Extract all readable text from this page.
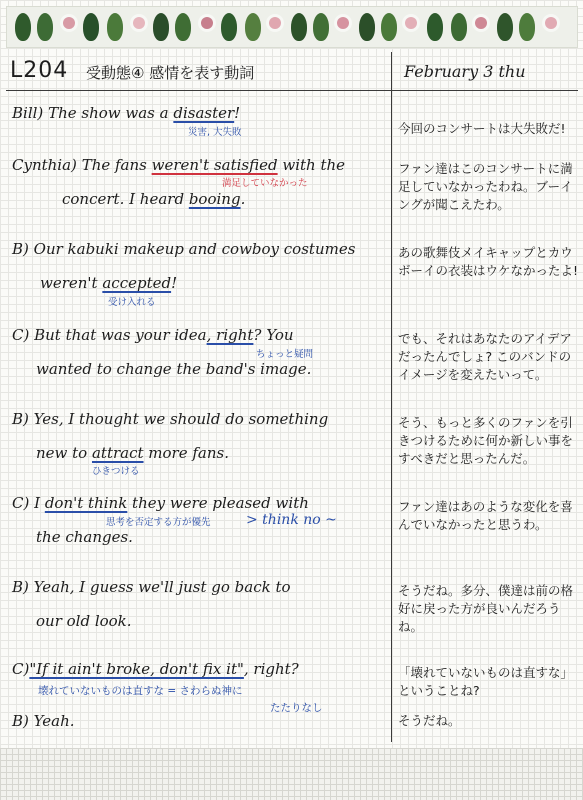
L204 受動態④ 感情を表す動詞	February 3 thu
Bill) The show was a disaster!
災害, 大失敗
Cynthia) The fans weren't satisfied with the
満足していなかった
concert. I heard booing.
B) Our kabuki makeup and cowboy costumes
weren't accepted!
受け入れる
C) But that was your idea, right? You
ちょっと疑問
wanted to change the band's image.
B) Yes, I thought we should do something
new to attract more fans.
ひきつける
C) I don't think they were pleased with
the changes.
思考を否定する方が優先	> think no ~
B) Yeah, I guess we'll just go back to
our old look.
C)"If it ain't broke, don't fix it", right?
壊れていないものは直すな = さわらぬ神に
たたりなし
B) Yeah.
今回のコンサートは大失敗だ!
ファン達はこのコンサートに満足していなかったわね。ブーイングが聞こえたわ。
あの歌舞伎メイキャップとカウボーイの衣装はウケなかったよ!
でも、それはあなたのアイデアだったんでしょ? このバンドのイメージを変えたいって。
そう、もっと多くのファンを引きつけるために何か新しい事をすべきだと思ったんだ。
ファン達はあのような変化を喜んでいなかったと思うわ。
そうだね。多分、僕達は前の格好に戻った方が良いんだろうね。
「壊れていないものは直すな」ということね?
そうだね。
